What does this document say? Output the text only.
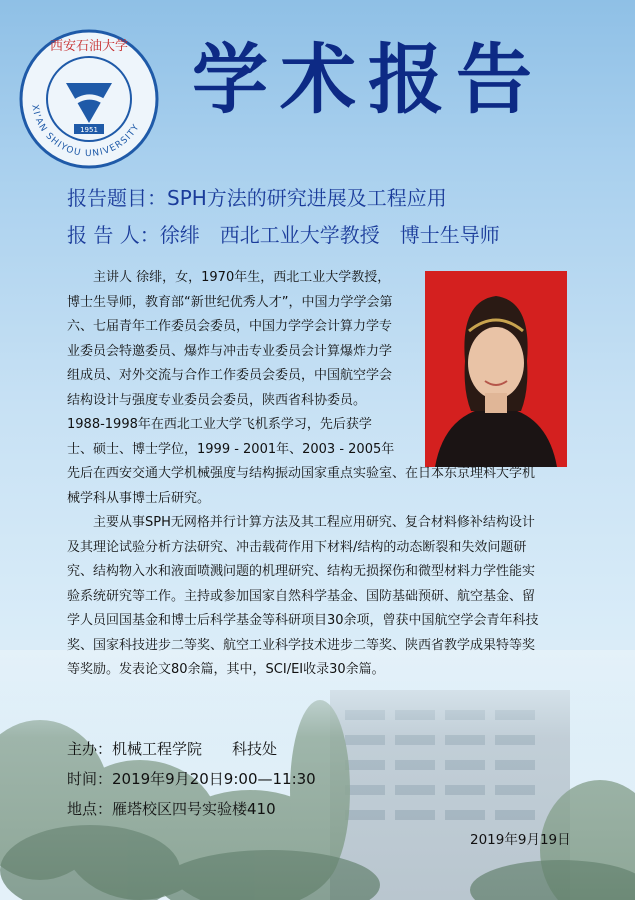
1951
西安石油大学
XI'AN SHIYOU UNIVERSITY
学术报告
报告题目：SPH方法的研究进展及工程应用
报 告 人：徐绯　西北工业大学教授　博士生导师
主讲人 徐绯，女，1970年生，西北工业大学教授，
博士生导师，教育部“新世纪优秀人才”，中国力学学会第
六、七届青年工作委员会委员，中国力学学会计算力学专
业委员会特邀委员、爆炸与冲击专业委员会计算爆炸力学
组成员、对外交流与合作工作委员会委员，中国航空学会
结构设计与强度专业委员会委员，陕西省科协委员。
1988-1998年在西北工业大学飞机系学习，先后获学
士、硕士、博士学位，1999 - 2001年、2003 - 2005年
先后在西安交通大学机械强度与结构振动国家重点实验室、在日本东京理科大学机
械学科从事博士后研究。
主要从事SPH无网格并行计算方法及其工程应用研究、复合材料修补结构设计
及其理论试验分析方法研究、冲击载荷作用下材料/结构的动态断裂和失效问题研
究、结构物入水和液面喷溅问题的机理研究、结构无损探伤和微型材料力学性能实
验系统研究等工作。主持或参加国家自然科学基金、国防基础预研、航空基金、留
学人员回国基金和博士后科学基金等科研项目30余项，曾获中国航空学会青年科技
奖、国家科技进步二等奖、航空工业科学技术进步二等奖、陕西省教学成果特等奖
等奖励。发表论文80余篇，其中，SCI/EI收录30余篇。
主办：机械工程学院　　科技处
时间：2019年9月20日9:00—11:30
地点：雁塔校区四号实验楼410
2019年9月19日
